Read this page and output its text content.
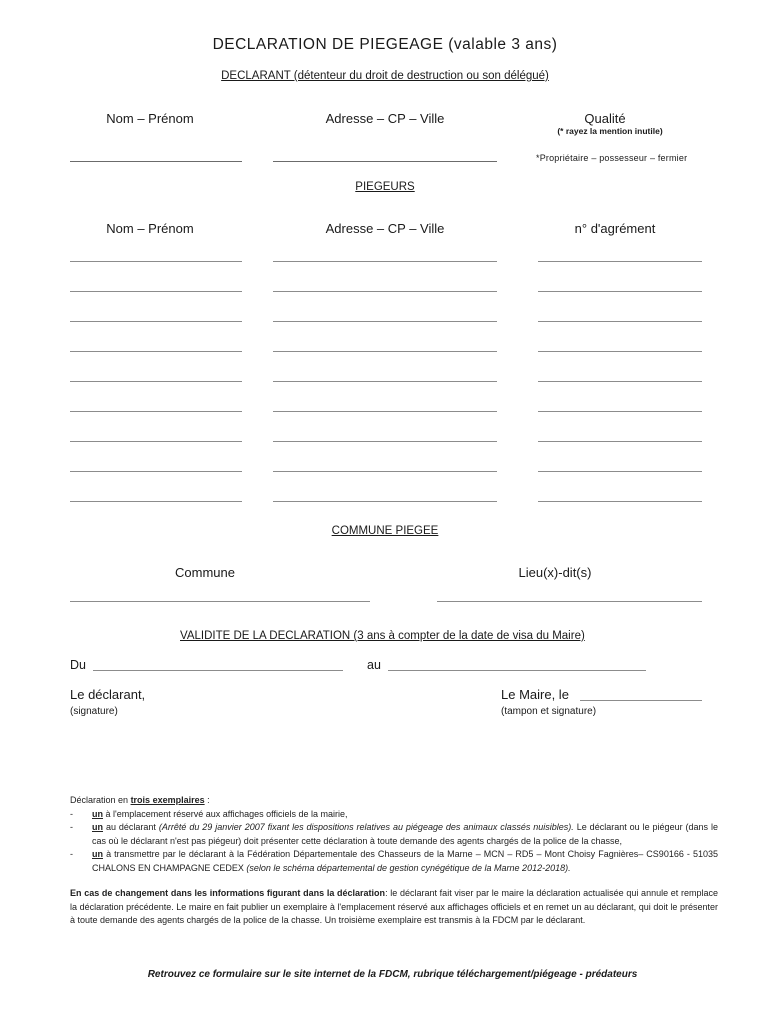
DECLARATION DE PIEGEAGE (valable 3 ans)
DECLARANT (détenteur du droit de destruction ou son délégué)
Nom – Prénom	Adresse – CP – Ville	Qualité
(* rayez la mention inutile)
*Propriétaire – possesseur – fermier
PIEGEURS
Nom – Prénom	Adresse – CP – Ville	n° d'agrément
COMMUNE PIEGEE
Commune	Lieu(x)-dit(s)
VALIDITE DE LA DECLARATION (3 ans à compter de la date de visa du Maire)
Du	au
Le déclarant,
(signature)
Le Maire, le
(tampon et signature)
Déclaration en trois exemplaires :
-	un à l'emplacement réservé aux affichages officiels de la mairie,
-	un au déclarant (Arrêté du 29 janvier 2007 fixant les dispositions relatives au piégeage des animaux classés nuisibles). Le déclarant ou le piégeur (dans le cas où le déclarant n'est pas piégeur) doit présenter cette déclaration à toute demande des agents chargés de la police de la chasse,
-	un à transmettre par le déclarant à la Fédération Départementale des Chasseurs de la Marne – MCN – RD5 – Mont Choisy Fagnières– CS90166 - 51035 CHALONS EN CHAMPAGNE CEDEX (selon le schéma départemental de gestion cynégétique de la Marne 2012-2018).
En cas de changement dans les informations figurant dans la déclaration: le déclarant fait viser par le maire la déclaration actualisée qui annule et remplace la déclaration précédente. Le maire en fait publier un exemplaire à l'emplacement réservé aux affichages officiels et en remet un au déclarant, qui doit le présenter à toute demande des agents chargés de la police de la chasse. Un troisième exemplaire est transmis à la FDCM par le déclarant.
Retrouvez ce formulaire sur le site internet de la FDCM, rubrique téléchargement/piégeage - prédateurs
